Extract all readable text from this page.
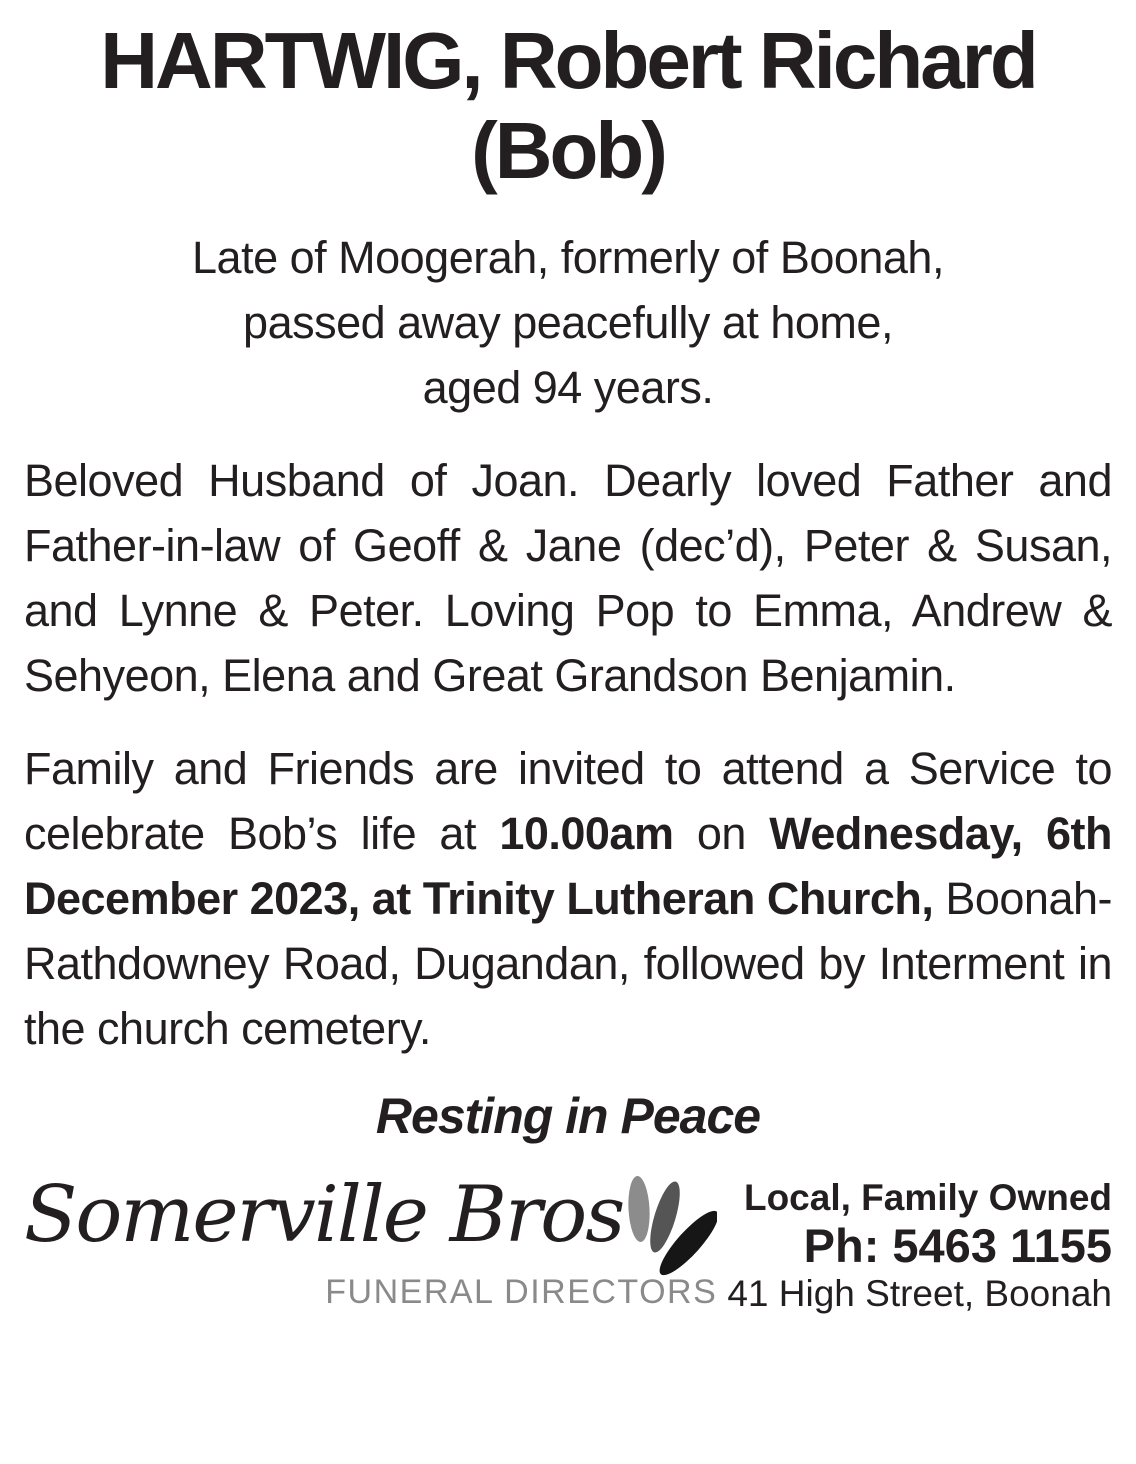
HARTWIG, Robert Richard
(Bob)
Late of Moogerah, formerly of Boonah,
passed away peacefully at home,
aged 94 years.
Beloved Husband of Joan. Dearly loved Father and Father-in-law of Geoff & Jane (dec’d), Peter & Susan, and Lynne & Peter. Loving Pop to Emma, Andrew & Sehyeon, Elena and Great Grandson Benjamin.
Family and Friends are invited to attend a Service to celebrate Bob’s life at 10.00am on Wednesday, 6th December 2023, at Trinity Lutheran Church, Boonah-Rathdowney Road, Dugandan, followed by Interment in the church cemetery.
Resting in Peace
Somerville Bros
FUNERAL DIRECTORS
Local, Family Owned
Ph: 5463 1155
41 High Street, Boonah
